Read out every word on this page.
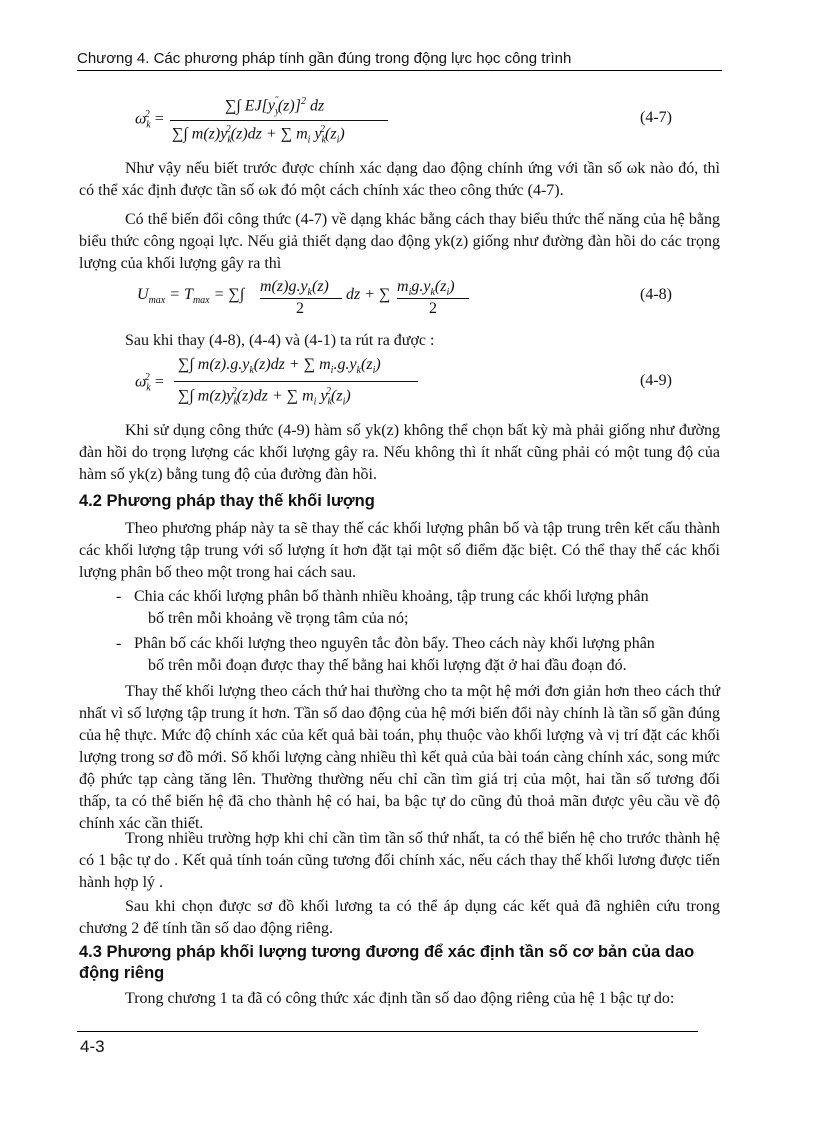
Chương 4. Các phương pháp tính gần đúng trong động lực học công trình
$\omega_k^2$ =
∑∫ $EJ[y_y^˝(z)]^2$ dz
∑∫ $m(z)y_k^2(z)dz$ + ∑ $m_i$ $y_k^2(z_i)$
(4-7)

Như vậy nếu biết trước được chính xác dạng dao động chính ứng với tần số ωk nào đó, thì có thể xác định được tần số ωk đó một cách chính xác theo công thức (4-7).

Có thể biến đổi công thức (4-7) về dạng khác bằng cách thay biểu thức thế năng của hệ bằng biểu thức công ngoại lực. Nếu giả thiết dạng dao động yk(z) giống như đường đàn hồi do các trọng lượng của khối lượng gây ra thì

$U_{max} = T_{max}$ = ∑∫ $m(z)g.y_k(z)$
2
dz + ∑ $m_ig.y_k(z_i)$
2
(4-8)

Sau khi thay (4-8), (4-4) và (4-1) ta rút ra được :

$\omega_k^2$ =
∑∫ $m(z).g.y_k(z)dz$ + ∑ $m_i.g.y_k(z_i)$
∑∫ $m(z)y_k^2(z)dz$ + ∑ $m_i$ $y_k^2(z_i)$
(4-9)

Khi sử dụng công thức (4-9) hàm số yk(z) không thể chọn bất kỳ mà phải giống như đường đàn hồi do trọng lượng các khối lượng gây ra. Nếu không thì ít nhất cũng phải có một tung độ của hàm số yk(z) bằng tung độ của đường đàn hồi.

4.2 Phương pháp thay thế khối lượng

Theo phương pháp này ta sẽ thay thế các khối lượng phân bố và tập trung trên kết cấu thành các khối lượng tập trung với số lượng ít hơn đặt tại một số điểm đặc biệt. Có thể thay thế các khối lượng phân bố theo một trong hai cách sau.

- Chia các khối lượng phân bố thành nhiều khoảng, tập trung các khối lượng phân
bố trên mỗi khoảng về trọng tâm của nó;
- Phân bố các khối lượng theo nguyên tắc đòn bẩy. Theo cách này khối lượng phân
bố trên mỗi đoạn được thay thế bằng hai khối lượng đặt ở hai đầu đoạn đó.

Thay thế khối lượng theo cách thứ hai thường cho ta một hệ mới đơn giản hơn theo cách thứ nhất vì số lượng tập trung ít hơn. Tần số dao động của hệ mới biến đổi này chính là tần số gần đúng của hệ thực. Mức độ chính xác của kết quả bài toán, phụ thuộc vào khối lượng và vị trí đặt các khối lượng trong sơ đồ mới. Số khối lượng càng nhiều thì kết quả của bài toán càng chính xác, song mức độ phức tạp càng tăng lên. Thường thường nếu chỉ cần tìm giá trị của một, hai tần số tương đối thấp, ta có thể biến hệ đã cho thành hệ có hai, ba bậc tự do cũng đủ thoả mãn được yêu cầu về độ chính xác cần thiết.

Trong nhiều trường hợp khi chỉ cần tìm tần số thứ nhất, ta có thể biến hệ cho trước thành hệ có 1 bậc tự do . Kết quả tính toán cũng tương đối chính xác, nếu cách thay thế khối lương được tiến hành hợp lý .

Sau khi chọn được sơ đồ khối lương ta có thể áp dụng các kết quả đã nghiên cứu trong chương 2 để tính tần số dao động riêng.

4.3 Phương pháp khối lượng tương đương để xác định tần số cơ bản của dao động riêng

Trong chương 1 ta đã có công thức xác định tần số dao động riêng của hệ 1 bậc tự do:

4-3
